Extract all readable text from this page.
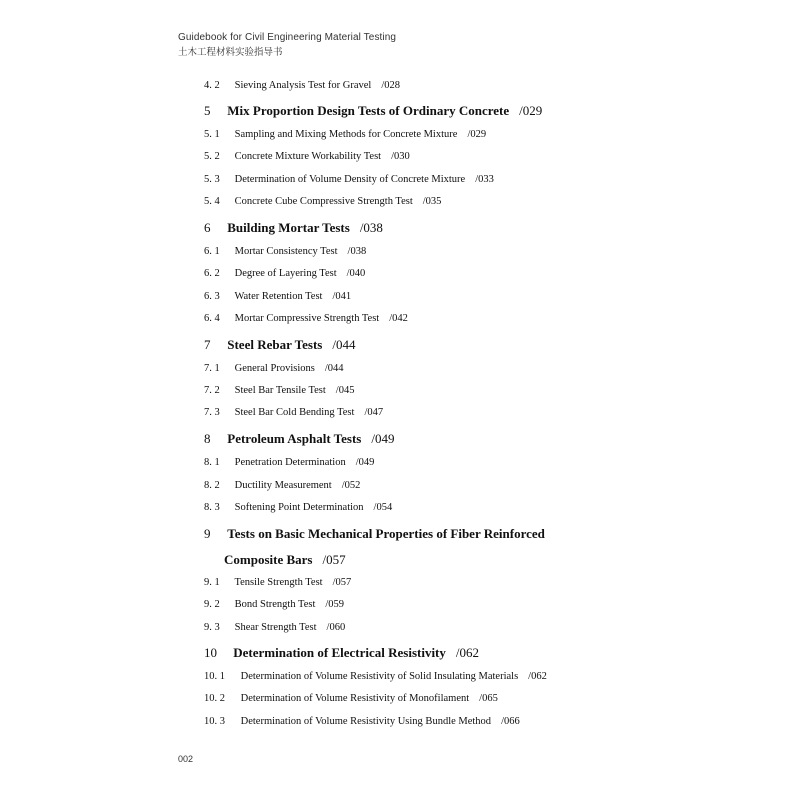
Guidebook for Civil Engineering Material Testing
土木工程材料实验指导书
4. 2 Sieving Analysis Test for Gravel /028
5 Mix Proportion Design Tests of Ordinary Concrete /029
5. 1 Sampling and Mixing Methods for Concrete Mixture /029
5. 2 Concrete Mixture Workability Test /030
5. 3 Determination of Volume Density of Concrete Mixture /033
5. 4 Concrete Cube Compressive Strength Test /035
6 Building Mortar Tests /038
6. 1 Mortar Consistency Test /038
6. 2 Degree of Layering Test /040
6. 3 Water Retention Test /041
6. 4 Mortar Compressive Strength Test /042
7 Steel Rebar Tests /044
7. 1 General Provisions /044
7. 2 Steel Bar Tensile Test /045
7. 3 Steel Bar Cold Bending Test /047
8 Petroleum Asphalt Tests /049
8. 1 Penetration Determination /049
8. 2 Ductility Measurement /052
8. 3 Softening Point Determination /054
9 Tests on Basic Mechanical Properties of Fiber Reinforced
Composite Bars /057
9. 1 Tensile Strength Test /057
9. 2 Bond Strength Test /059
9. 3 Shear Strength Test /060
10 Determination of Electrical Resistivity /062
10. 1 Determination of Volume Resistivity of Solid Insulating Materials /062
10. 2 Determination of Volume Resistivity of Monofilament /065
10. 3 Determination of Volume Resistivity Using Bundle Method /066
002
